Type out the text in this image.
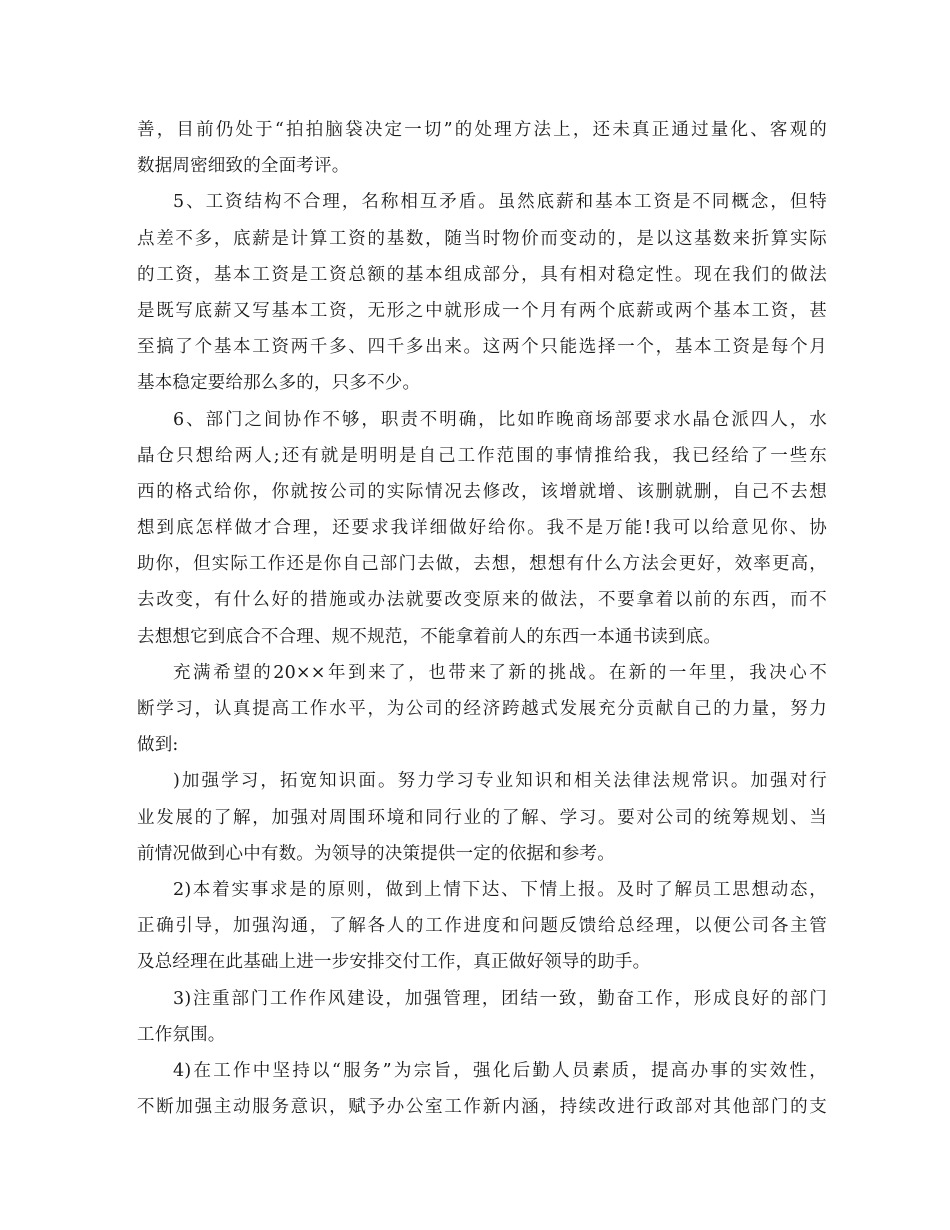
善，目前仍处于“拍拍脑袋决定一切”的处理方法上，还未真正通过量化、客观的
数据周密细致的全面考评。
5、工资结构不合理，名称相互矛盾。虽然底薪和基本工资是不同概念，但特
点差不多，底薪是计算工资的基数，随当时物价而变动的，是以这基数来折算实际
的工资，基本工资是工资总额的基本组成部分，具有相对稳定性。现在我们的做法
是既写底薪又写基本工资，无形之中就形成一个月有两个底薪或两个基本工资，甚
至搞了个基本工资两千多、四千多出来。这两个只能选择一个，基本工资是每个月
基本稳定要给那么多的，只多不少。
6、部门之间协作不够，职责不明确，比如昨晚商场部要求水晶仓派四人，水
晶仓只想给两人;还有就是明明是自己工作范围的事情推给我，我已经给了一些东
西的格式给你，你就按公司的实际情况去修改，该增就增、该删就删，自己不去想
想到底怎样做才合理，还要求我详细做好给你。我不是万能!我可以给意见你、协
助你，但实际工作还是你自己部门去做，去想，想想有什么方法会更好，效率更高，
去改变，有什么好的措施或办法就要改变原来的做法，不要拿着以前的东西，而不
去想想它到底合不合理、规不规范，不能拿着前人的东西一本通书读到底。
充满希望的20××年到来了，也带来了新的挑战。在新的一年里，我决心不
断学习，认真提高工作水平，为公司的经济跨越式发展充分贡献自己的力量，努力
做到:
)加强学习，拓宽知识面。努力学习专业知识和相关法律法规常识。加强对行
业发展的了解，加强对周围环境和同行业的了解、学习。要对公司的统筹规划、当
前情况做到心中有数。为领导的决策提供一定的依据和参考。
2)本着实事求是的原则，做到上情下达、下情上报。及时了解员工思想动态，
正确引导，加强沟通，了解各人的工作进度和问题反馈给总经理，以便公司各主管
及总经理在此基础上进一步安排交付工作，真正做好领导的助手。
3)注重部门工作作风建设，加强管理，团结一致，勤奋工作，形成良好的部门
工作氛围。
4)在工作中坚持以“服务”为宗旨，强化后勤人员素质，提高办事的实效性，
不断加强主动服务意识，赋予办公室工作新内涵，持续改进行政部对其他部门的支
